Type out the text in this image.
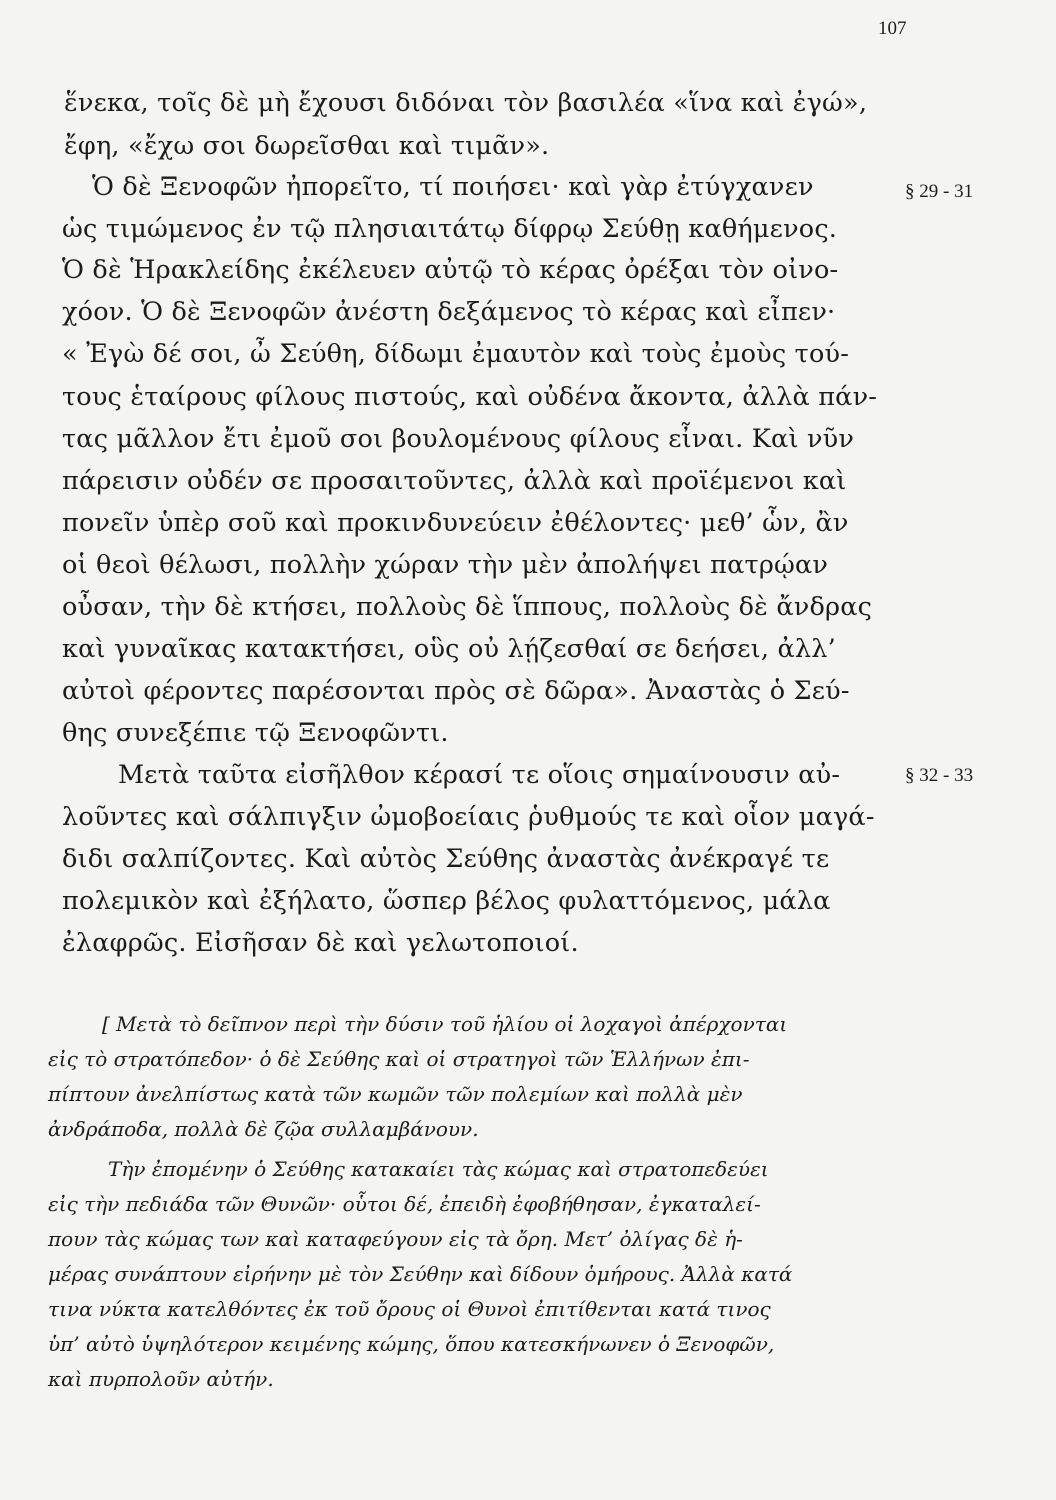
107
ἕνεκα, τοῖς δὲ μὴ ἔχουσι διδόναι τὸν βασιλέα «ἵνα καὶ ἐγώ»,
ἔφη, «ἔχω σοι δωρεῖσθαι καὶ τιμᾶν».
Ὁ δὲ Ξενοφῶν ἠπορεῖτο, τί ποιήσει· καὶ γὰρ ἐτύγχανεν
ὡς τιμώμενος ἐν τῷ πλησιαιτάτῳ δίφρῳ Σεύθῃ καθήμενος.
Ὁ δὲ Ἡρακλείδης ἐκέλευεν αὐτῷ τὸ κέρας ὀρέξαι τὸν οἰνο-
χόον. Ὁ δὲ Ξενοφῶν ἀνέστη δεξάμενος τὸ κέρας καὶ εἶπεν·
« Ἐγὼ δέ σοι, ὦ Σεύθη, δίδωμι ἐμαυτὸν καὶ τοὺς ἐμοὺς τού-
τους ἑταίρους φίλους πιστούς, καὶ οὐδένα ἄκοντα, ἀλλὰ πάν-
τας μᾶλλον ἔτι ἐμοῦ σοι βουλομένους φίλους εἶναι. Καὶ νῦν
πάρεισιν οὐδέν σε προσαιτοῦντες, ἀλλὰ καὶ προϊέμενοι καὶ
πονεῖν ὑπὲρ σοῦ καὶ προκινδυνεύειν ἐθέλοντες· μεθ’ ὧν, ἂν
οἱ θεοὶ θέλωσι, πολλὴν χώραν τὴν μὲν ἀπολήψει πατρῴαν
οὖσαν, τὴν δὲ κτήσει, πολλοὺς δὲ ἵππους, πολλοὺς δὲ ἄνδρας
καὶ γυναῖκας κατακτήσει, οὓς οὐ λῄζεσθαί σε δεήσει, ἀλλ’
αὐτοὶ φέροντες παρέσονται πρὸς σὲ δῶρα». Ἀναστὰς ὁ Σεύ-
θης συνεξέπιε τῷ Ξενοφῶντι.
Μετὰ ταῦτα εἰσῆλθον κέρασί τε οἵοις σημαίνουσιν αὐ-
λοῦντες καὶ σάλπιγξιν ὠμοβοείαις ῥυθμούς τε καὶ οἷον μαγά-
διδι σαλπίζοντες. Καὶ αὐτὸς Σεύθης ἀναστὰς ἀνέκραγέ τε
πολεμικὸν καὶ ἐξήλατο, ὥσπερ βέλος φυλαττόμενος, μάλα
ἐλαφρῶς. Εἰσῆσαν δὲ καὶ γελωτοποιοί.
§ 29 - 31
§ 32 - 33
[ Μετὰ τὸ δεῖπνον περὶ τὴν δύσιν τοῦ ἡλίου οἱ λοχαγοὶ ἀπέρχονται
εἰς τὸ στρατόπεδον· ὁ δὲ Σεύθης καὶ οἱ στρατηγοὶ τῶν Ἑλλήνων ἐπι-
πίπτουν ἀνελπίστως κατὰ τῶν κωμῶν τῶν πολεμίων καὶ πολλὰ μὲν
ἀνδράποδα, πολλὰ δὲ ζῷα συλλαμβάνουν.
Τὴν ἐπομένην ὁ Σεύθης κατακαίει τὰς κώμας καὶ στρατοπεδεύει
εἰς τὴν πεδιάδα τῶν Θυνῶν· οὗτοι δέ, ἐπειδὴ ἐφοβήθησαν, ἐγκαταλεί-
πουν τὰς κώμας των καὶ καταφεύγουν εἰς τὰ ὄρη. Μετ’ ὀλίγας δὲ ἡ-
μέρας συνάπτουν εἰρήνην μὲ τὸν Σεύθην καὶ δίδουν ὁμήρους. Ἀλλὰ κατά
τινα νύκτα κατελθόντες ἐκ τοῦ ὄρους οἱ Θυνοὶ ἐπιτίθενται κατά τινος
ὑπ’ αὐτὸ ὑψηλότερον κειμένης κώμης, ὅπου κατεσκήνωνεν ὁ Ξενοφῶν,
καὶ πυρπολοῦν αὐτήν.
